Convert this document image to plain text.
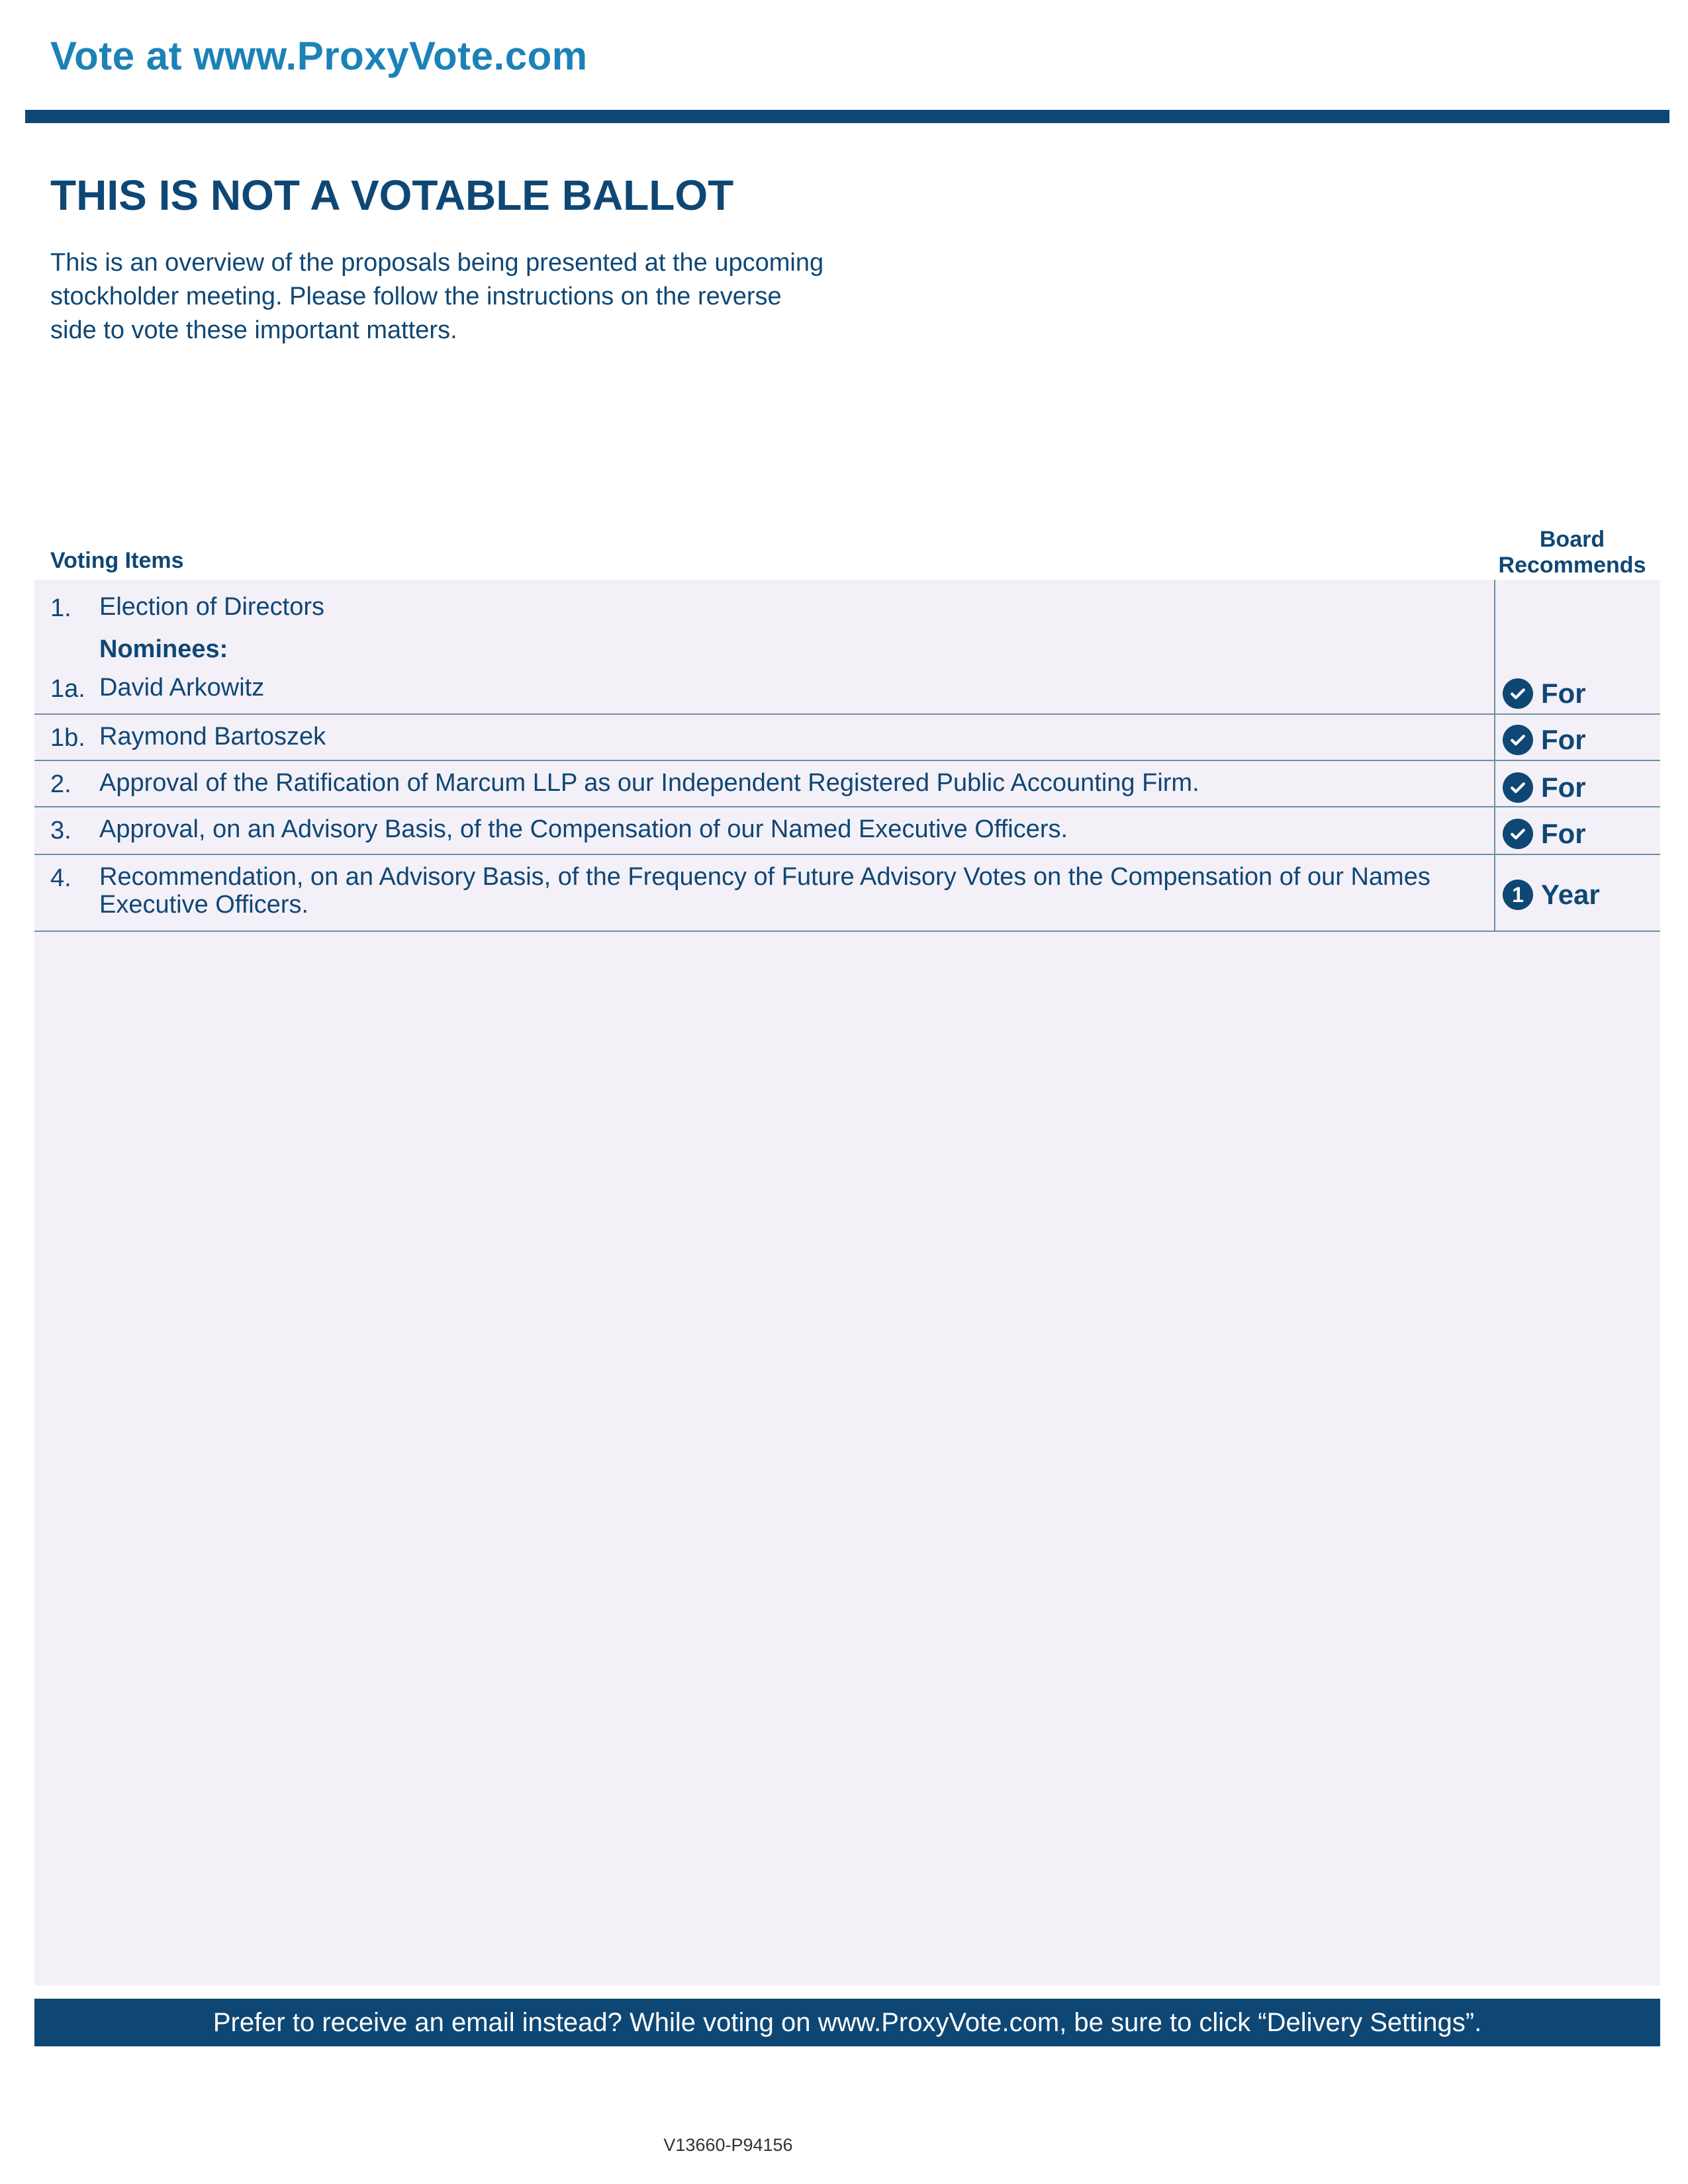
Vote at www.ProxyVote.com
THIS IS NOT A VOTABLE BALLOT
This is an overview of the proposals being presented at the upcoming stockholder meeting. Please follow the instructions on the reverse side to vote these important matters.
Voting Items
Board Recommends
1. Election of Directors
Nominees:
1a. David Arkowitz	For
1b. Raymond Bartoszek	For
2. Approval of the Ratification of Marcum LLP as our Independent Registered Public Accounting Firm.	For
3. Approval, on an Advisory Basis, of the Compensation of our Named Executive Officers.	For
4. Recommendation, on an Advisory Basis, of the Frequency of Future Advisory Votes on the Compensation of our Names Executive Officers.	1 Year
Prefer to receive an email instead? While voting on www.ProxyVote.com, be sure to click “Delivery Settings”.
V13660-P94156
